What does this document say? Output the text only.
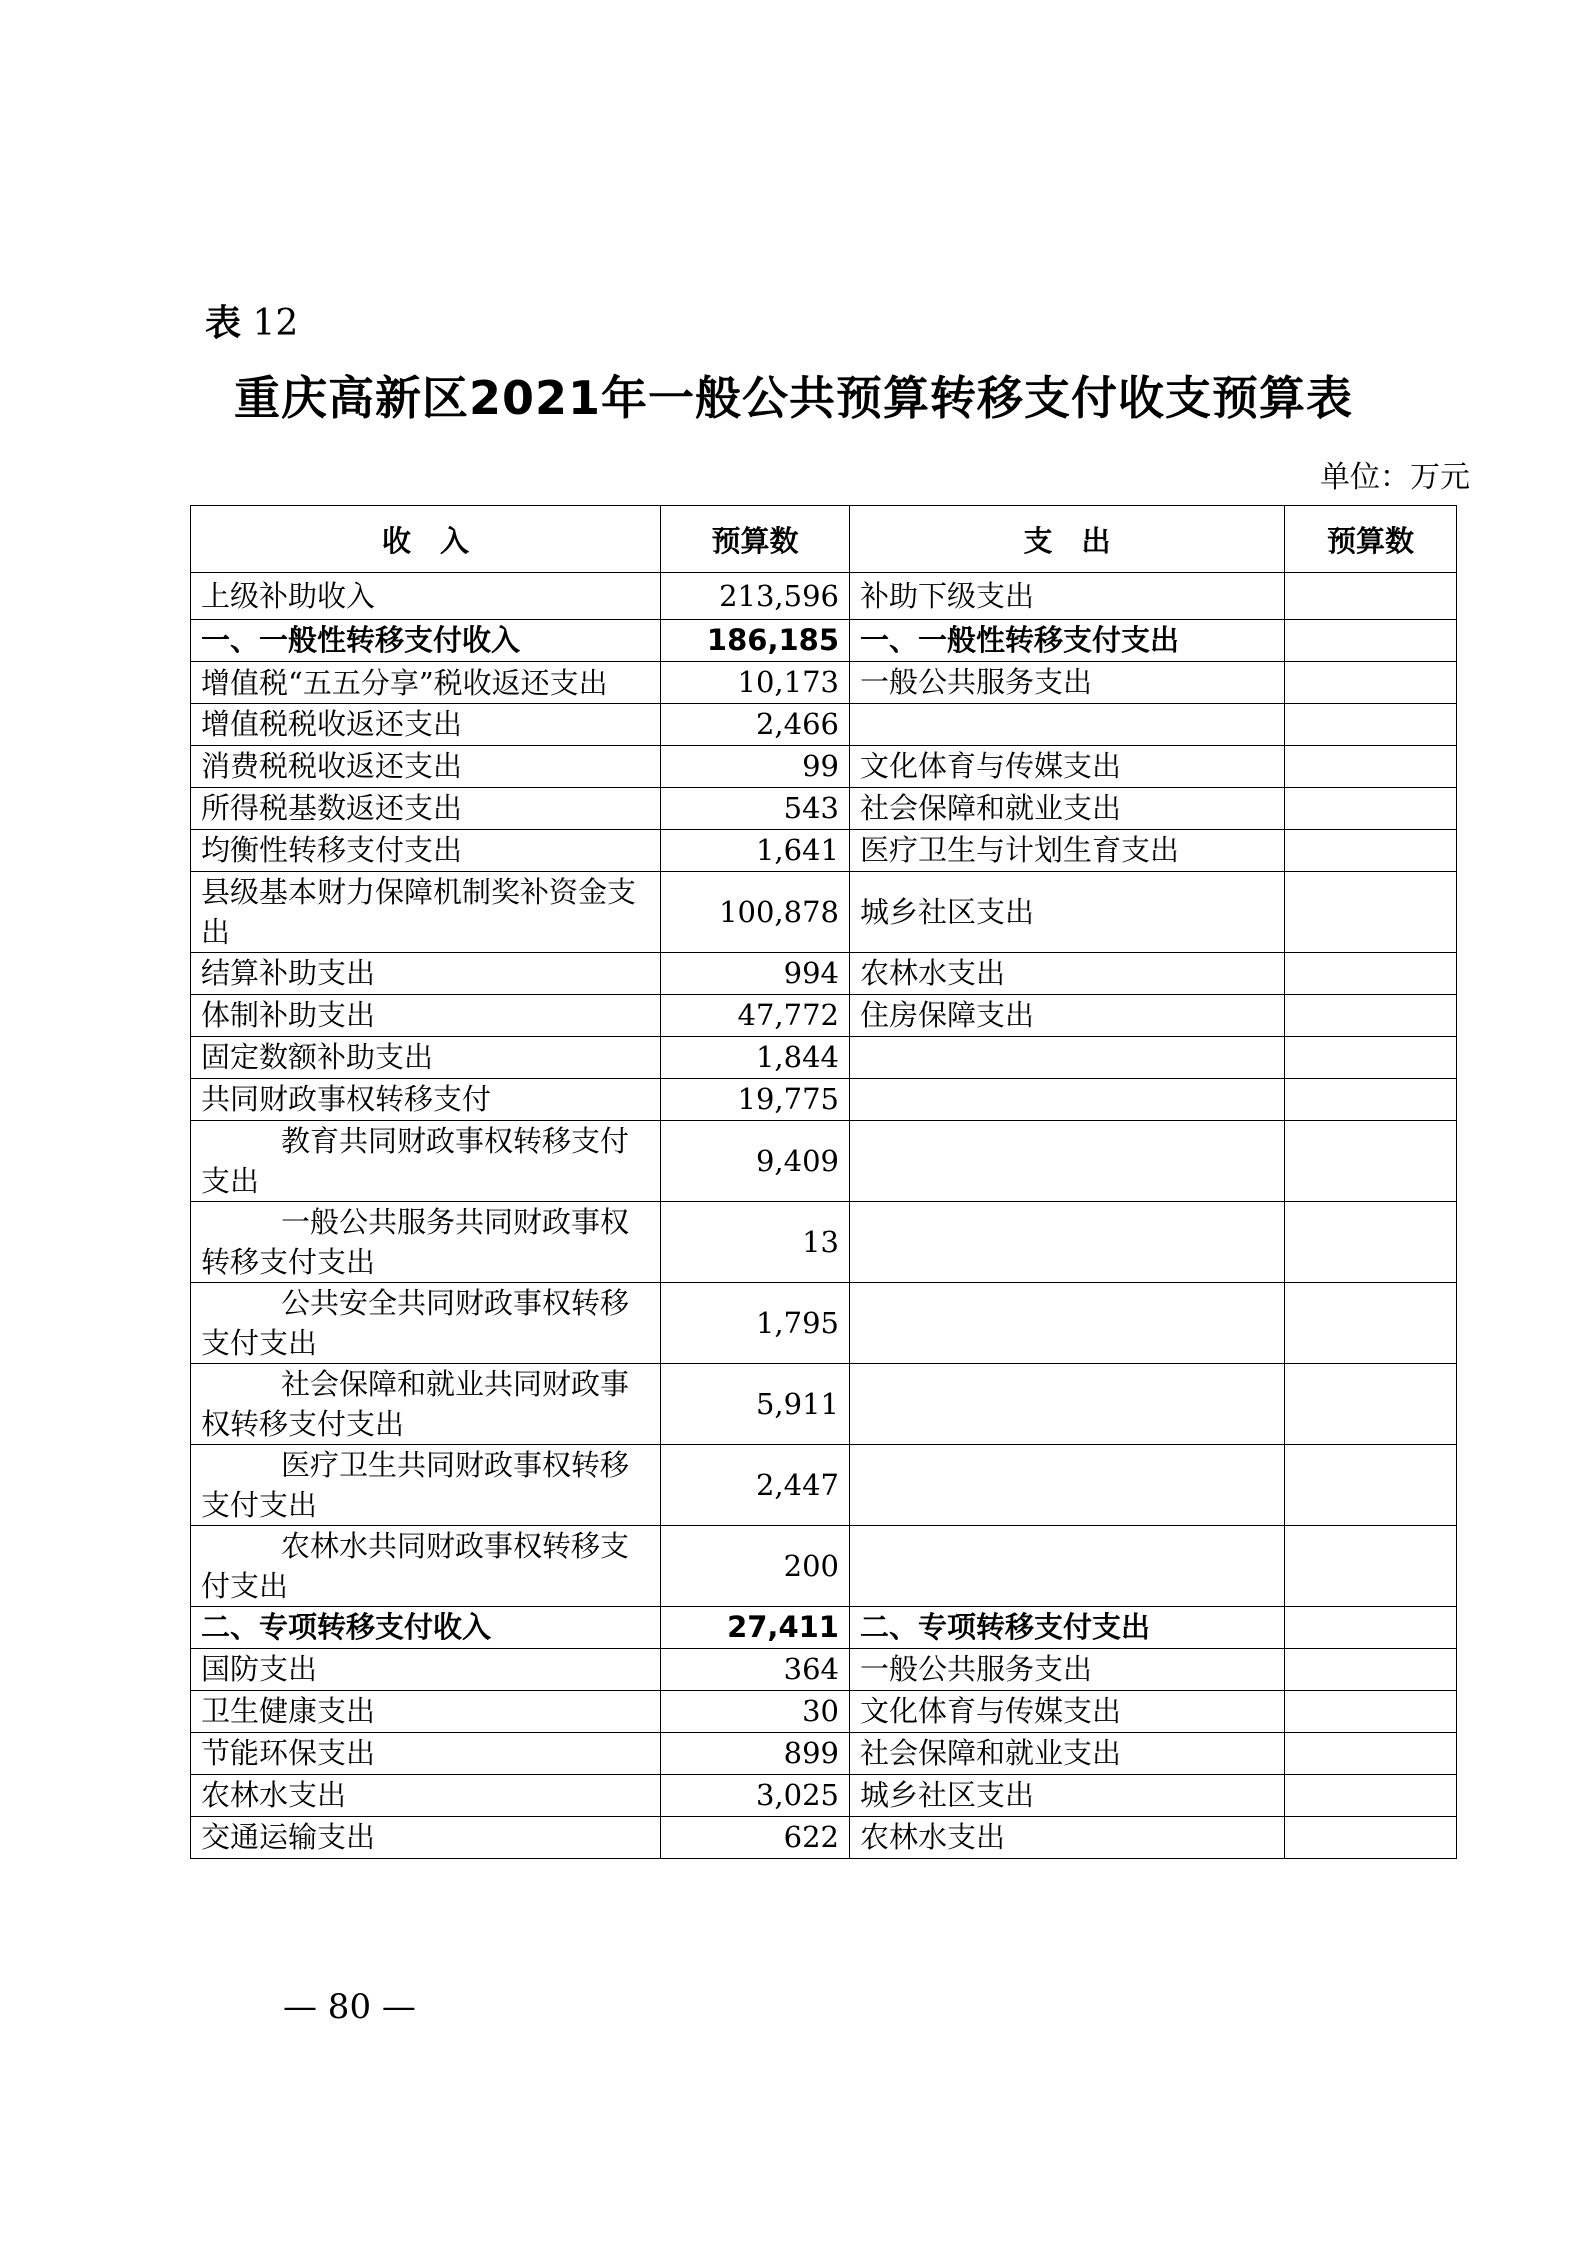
表 12
重庆高新区2021年一般公共预算转移支付收支预算表
单位：万元
收　入	预算数	支　出	预算数
上级补助收入	213,596	补助下级支出	
一、一般性转移支付收入	186,185	一、一般性转移支付支出	
增值税“五五分享”税收返还支出	10,173	一般公共服务支出	
增值税税收返还支出	2,466		
消费税税收返还支出	99	文化体育与传媒支出	
所得税基数返还支出	543	社会保障和就业支出	
均衡性转移支付支出	1,641	医疗卫生与计划生育支出	
县级基本财力保障机制奖补资金支出	100,878	城乡社区支出	
结算补助支出	994	农林水支出	
体制补助支出	47,772	住房保障支出	
固定数额补助支出	1,844		
共同财政事权转移支付	19,775		
教育共同财政事权转移支付支出	9,409		
一般公共服务共同财政事权转移支付支出	13		
公共安全共同财政事权转移支付支出	1,795		
社会保障和就业共同财政事权转移支付支出	5,911		
医疗卫生共同财政事权转移支付支出	2,447		
农林水共同财政事权转移支付支出	200		
二、专项转移支付收入	27,411	二、专项转移支付支出	
国防支出	364	一般公共服务支出	
卫生健康支出	30	文化体育与传媒支出	
节能环保支出	899	社会保障和就业支出	
农林水支出	3,025	城乡社区支出	
交通运输支出	622	农林水支出	
— 80 —
